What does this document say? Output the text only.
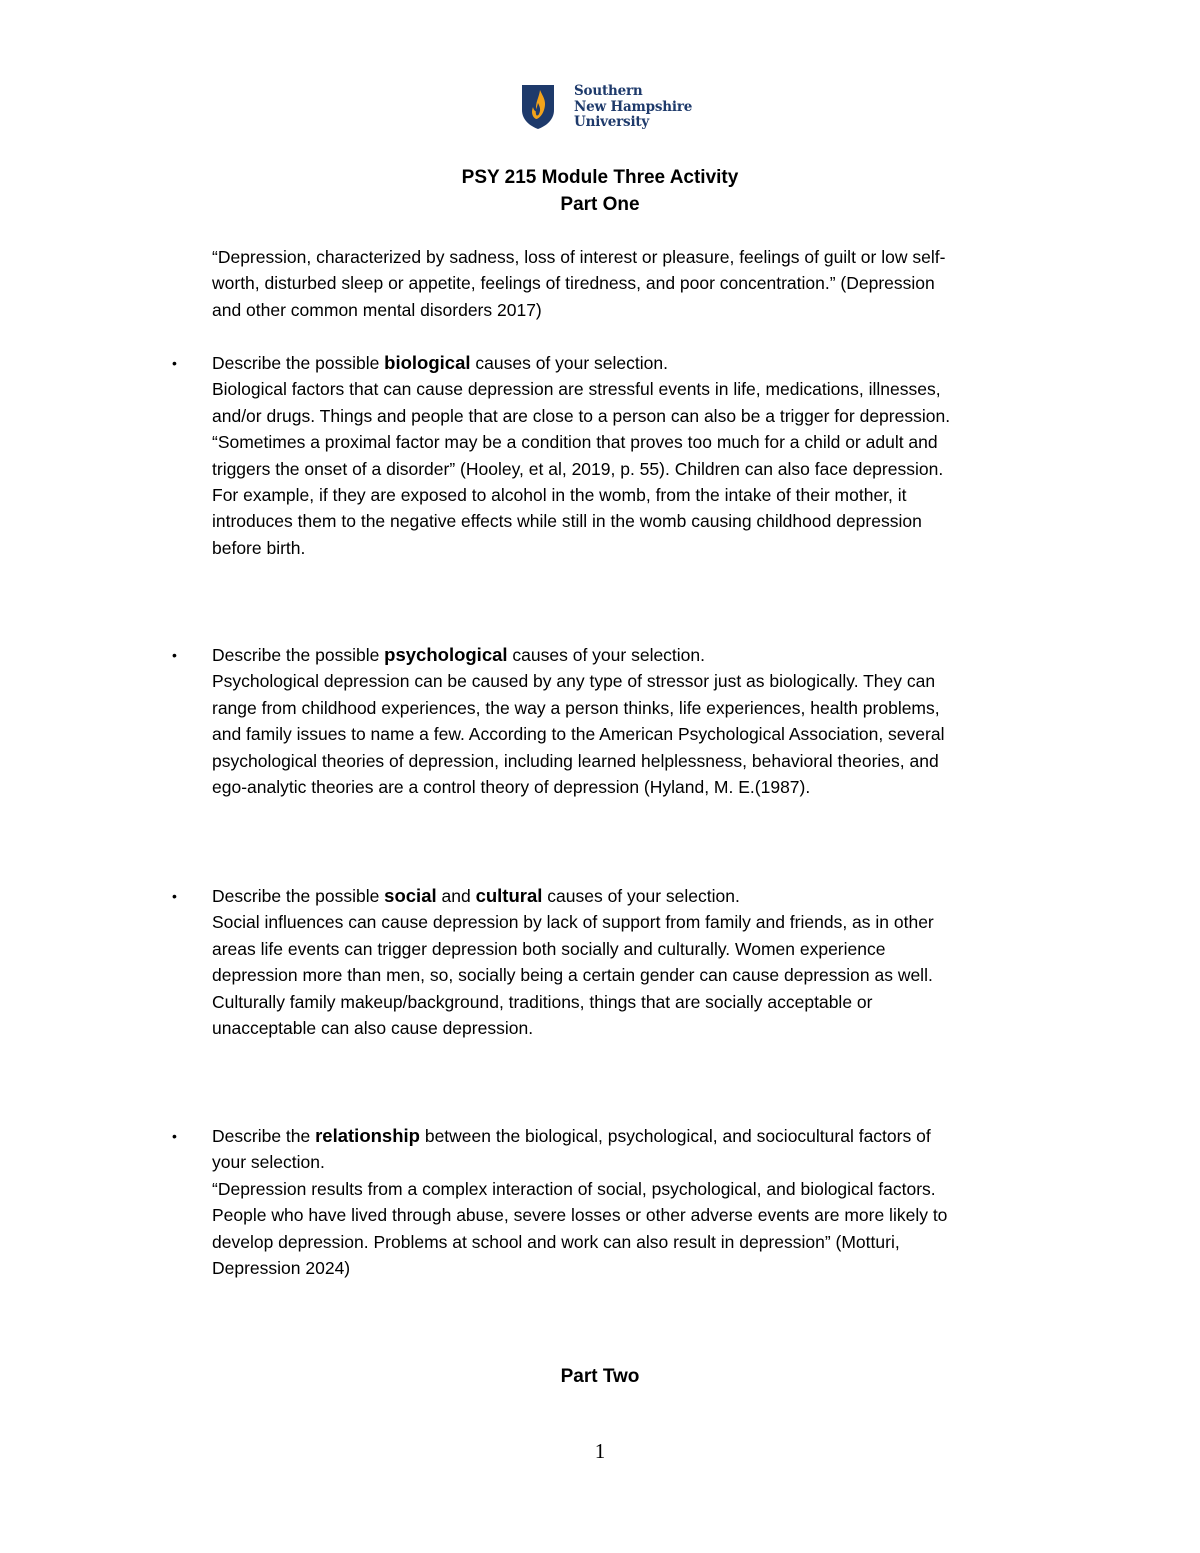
Southern
New Hampshire
University
PSY 215 Module Three Activity
Part One
“Depression, characterized by sadness, loss of interest or pleasure, feelings of guilt or low self-
worth, disturbed sleep or appetite, feelings of tiredness, and poor concentration.” (Depression
and other common mental disorders 2017)
• Describe the possible biological causes of your selection.
Biological factors that can cause depression are stressful events in life, medications, illnesses,
and/or drugs. Things and people that are close to a person can also be a trigger for depression.
“Sometimes a proximal factor may be a condition that proves too much for a child or adult and
triggers the onset of a disorder” (Hooley, et al, 2019, p. 55). Children can also face depression.
For example, if they are exposed to alcohol in the womb, from the intake of their mother, it
introduces them to the negative effects while still in the womb causing childhood depression
before birth.
• Describe the possible psychological causes of your selection.
Psychological depression can be caused by any type of stressor just as biologically. They can
range from childhood experiences, the way a person thinks, life experiences, health problems,
and family issues to name a few. According to the American Psychological Association, several
psychological theories of depression, including learned helplessness, behavioral theories, and
ego-analytic theories are a control theory of depression (Hyland, M. E.(1987).
• Describe the possible social and cultural causes of your selection.
Social influences can cause depression by lack of support from family and friends, as in other
areas life events can trigger depression both socially and culturally. Women experience
depression more than men, so, socially being a certain gender can cause depression as well.
Culturally family makeup/background, traditions, things that are socially acceptable or
unacceptable can also cause depression.
• Describe the relationship between the biological, psychological, and sociocultural factors of
your selection.
“Depression results from a complex interaction of social, psychological, and biological factors.
People who have lived through abuse, severe losses or other adverse events are more likely to
develop depression. Problems at school and work can also result in depression” (Motturi,
Depression 2024)
Part Two
1
